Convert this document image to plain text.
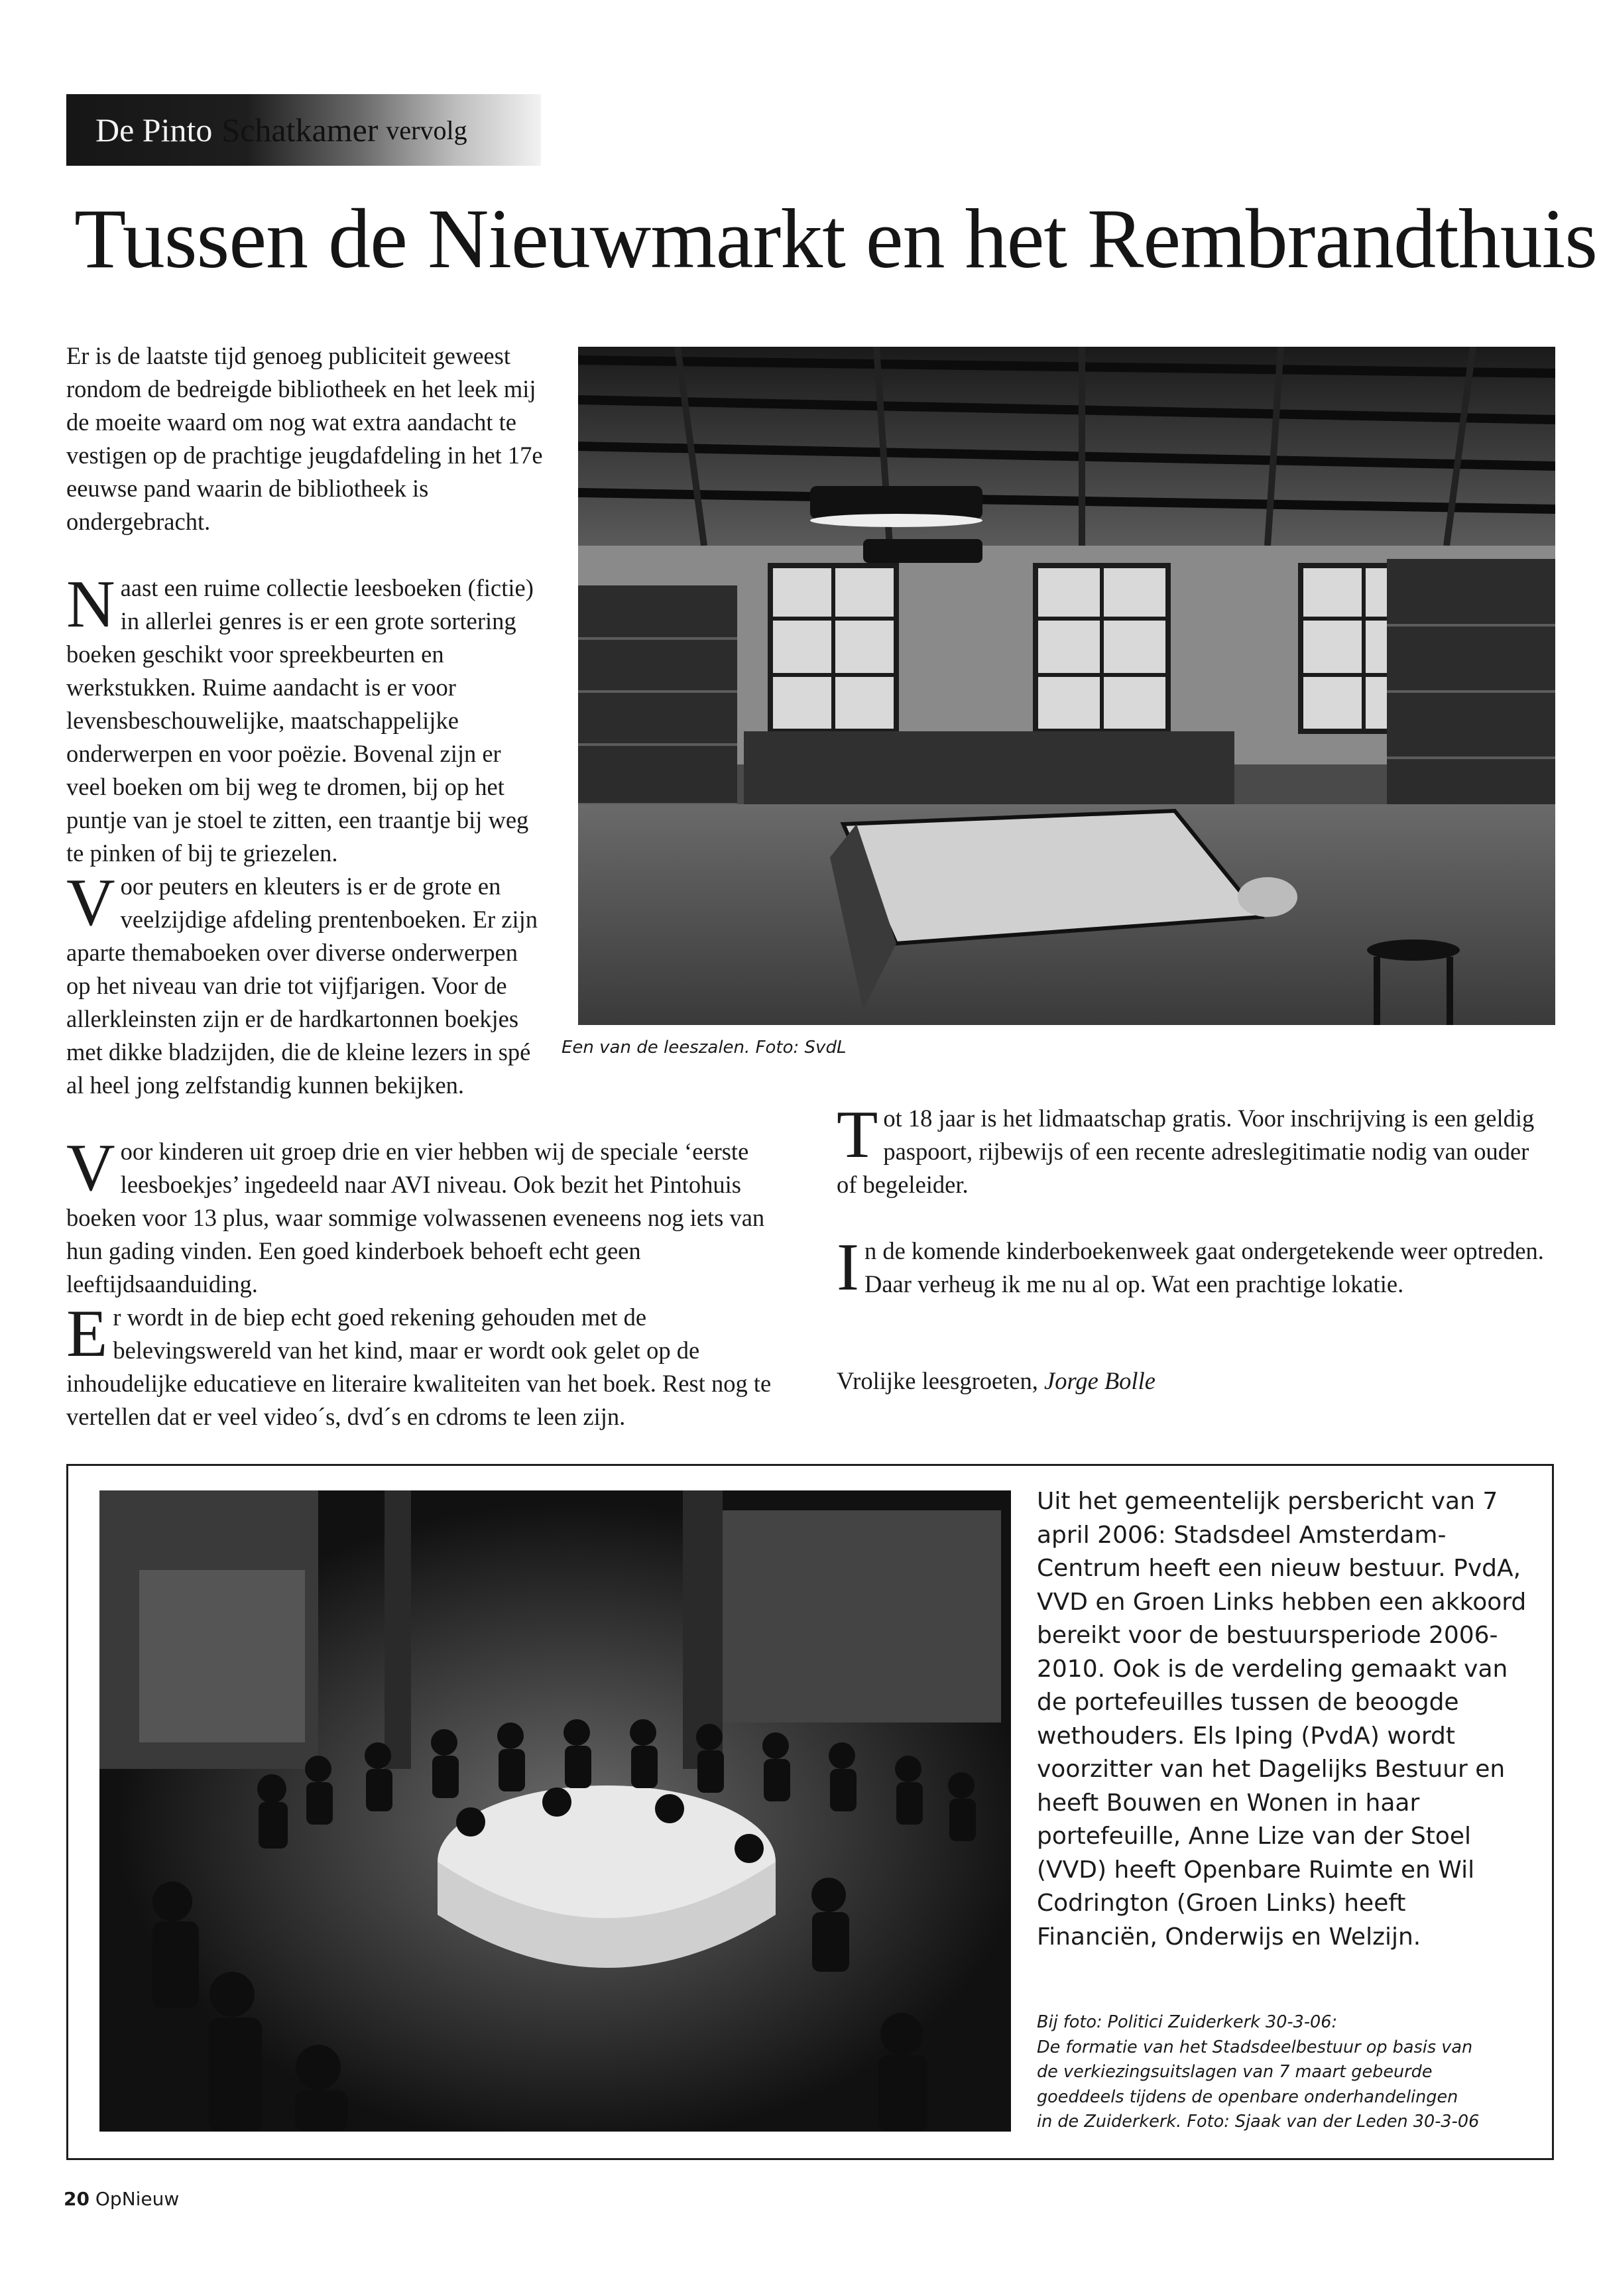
De Pinto Schatkamer vervolg
Tussen de Nieuwmarkt en het Rembrandthuis

Er is de laatste tijd genoeg publiciteit geweest rondom de bedreigde bibliotheek en het leek mij de moeite waard om nog wat extra aandacht te vestigen op de prachtige jeugdafdeling in het 17e eeuwse pand waarin de bibliotheek is ondergebracht.

Naast een ruime collectie leesboeken (fictie) in allerlei genres is er een grote sortering boeken geschikt voor spreekbeurten en werkstukken. Ruime aandacht is er voor levensbeschouwelijke, maatschappelijke onderwerpen en voor poëzie. Bovenal zijn er veel boeken om bij weg te dromen, bij op het puntje van je stoel te zitten, een traantje bij weg te pinken of bij te griezelen.

Voor peuters en kleuters is er de grote en veelzijdige afdeling prentenboeken. Er zijn aparte themaboeken over diverse onderwerpen op het niveau van drie tot vijfjarigen. Voor de allerkleinsten zijn er de hardkartonnen boekjes met dikke bladzijden, die de kleine lezers in spé al heel jong zelfstandig kunnen bekijken.

Voor kinderen uit groep drie en vier hebben wij de speciale ‘eerste leesboekjes’ ingedeeld naar AVI niveau. Ook bezit het Pintohuis boeken voor 13 plus, waar sommige volwassenen eveneens nog iets van hun gading vinden. Een goed kinderboek behoeft echt geen leeftijdsaanduiding.

Er wordt in de biep echt goed rekening gehouden met de belevingswereld van het kind, maar er wordt ook gelet op de inhoudelijke educatieve en literaire kwaliteiten van het boek. Rest nog te vertellen dat er veel video´s, dvd´s en cdroms te leen zijn.

Tot 18 jaar is het lidmaatschap gratis. Voor inschrijving is een geldig paspoort, rijbewijs of een recente adreslegitimatie nodig van ouder of begeleider.

In de komende kinderboekenweek gaat ondergetekende weer optreden. Daar verheug ik me nu al op. Wat een prachtige lokatie.

Vrolijke leesgroeten, Jorge Bolle

Een van de leeszalen. Foto: SvdL
Uit het gemeentelijk persbericht van 7 april 2006: Stadsdeel Amsterdam-Centrum heeft een nieuw bestuur. PvdA, VVD en Groen Links hebben een akkoord bereikt voor de bestuursperiode 2006-2010. Ook is de verdeling gemaakt van de portefeuilles tussen de beoogde wethouders. Els Iping (PvdA) wordt voorzitter van het Dagelijks Bestuur en heeft Bouwen en Wonen in haar portefeuille, Anne Lize van der Stoel (VVD) heeft Openbare Ruimte en Wil Codrington (Groen Links) heeft Financiën, Onderwijs en Welzijn.
Bij foto: Politici Zuiderkerk 30-3-06:
De formatie van het Stadsdeelbestuur op basis van
de verkiezingsuitslagen van 7 maart gebeurde
goeddeels tijdens de openbare onderhandelingen
in de Zuiderkerk. Foto: Sjaak van der Leden 30-3-06
20 OpNieuw
